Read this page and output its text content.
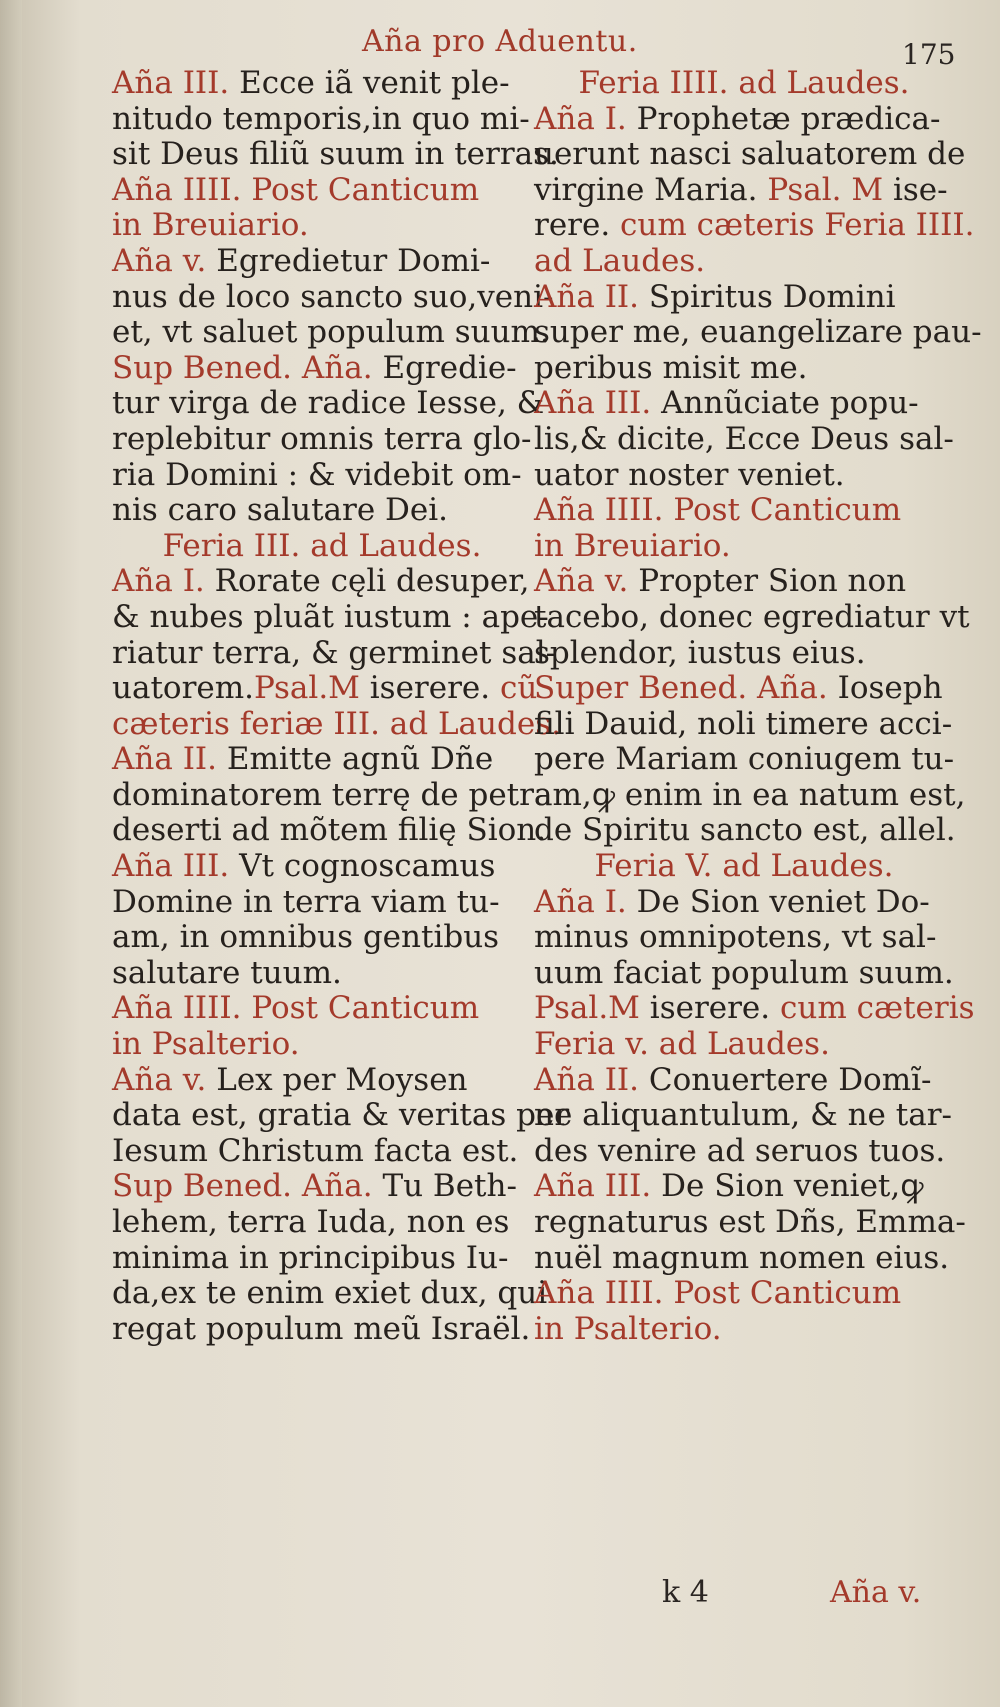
Aña pro Aduentu.	175
Aña III. Ecce iã venit ple-
nitudo temporis,in quo mi-
sit Deus filiũ suum in terras.
Aña IIII. Post Canticum
in Breuiario.
Aña v. Egredietur Domi-
nus de loco sancto suo,veni-
et, vt saluet populum suum.
Sup Bened. Aña. Egredie-
tur virga de radice Iesse, &
replebitur omnis terra glo-
ria Domini : & videbit om-
nis caro salutare Dei.
Feria III. ad Laudes.
Aña I. Rorate cęli desuper,
& nubes pluãt iustum : ape-
riatur terra, & germinet sal-
uatorem.Psal.M iserere. cũ
cæteris feriæ III. ad Laudes.
Aña II. Emitte agnũ Dñe
dominatorem terrę de petra
deserti ad mõtem filię Sion.
Aña III. Vt cognoscamus
Domine in terra viam tu-
am, in omnibus gentibus
salutare tuum.
Aña IIII. Post Canticum
in Psalterio.
Aña v. Lex per Moysen
data est, gratia & veritas per
Iesum Christum facta est.
Sup Bened. Aña. Tu Beth-
lehem, terra Iuda, non es
minima in principibus Iu-
da,ex te enim exiet dux, qui
regat populum meũ Israël.
Feria IIII. ad Laudes.
Aña I. Prophetæ prædica-
uerunt nasci saluatorem de
virgine Maria. Psal. M ise-
rere. cum cæteris Feria IIII.
ad Laudes.
Aña II. Spiritus Domini
super me, euangelizare pau-
peribus misit me.
Aña III. Annũciate popu-
lis,& dicite, Ecce Deus sal-
uator noster veniet.
Aña IIII. Post Canticum
in Breuiario.
Aña v. Propter Sion non
tacebo, donec egrediatur vt
splendor, iustus eius.
Super Bened. Aña. Ioseph
fili Dauid, noli timere acci-
pere Mariam coniugem tu-
am,ꝙ enim in ea natum est,
de Spiritu sancto est, allel.
Feria V. ad Laudes.
Aña I. De Sion veniet Do-
minus omnipotens, vt sal-
uum faciat populum suum.
Psal.M iserere. cum cæteris
Feria v. ad Laudes.
Aña II. Conuertere Domĩ-
ne aliquantulum, & ne tar-
des venire ad seruos tuos.
Aña III. De Sion veniet,ꝙ
regnaturus est Dñs, Emma-
nuël magnum nomen eius.
Aña IIII. Post Canticum
in Psalterio.
k 4	Aña v.
